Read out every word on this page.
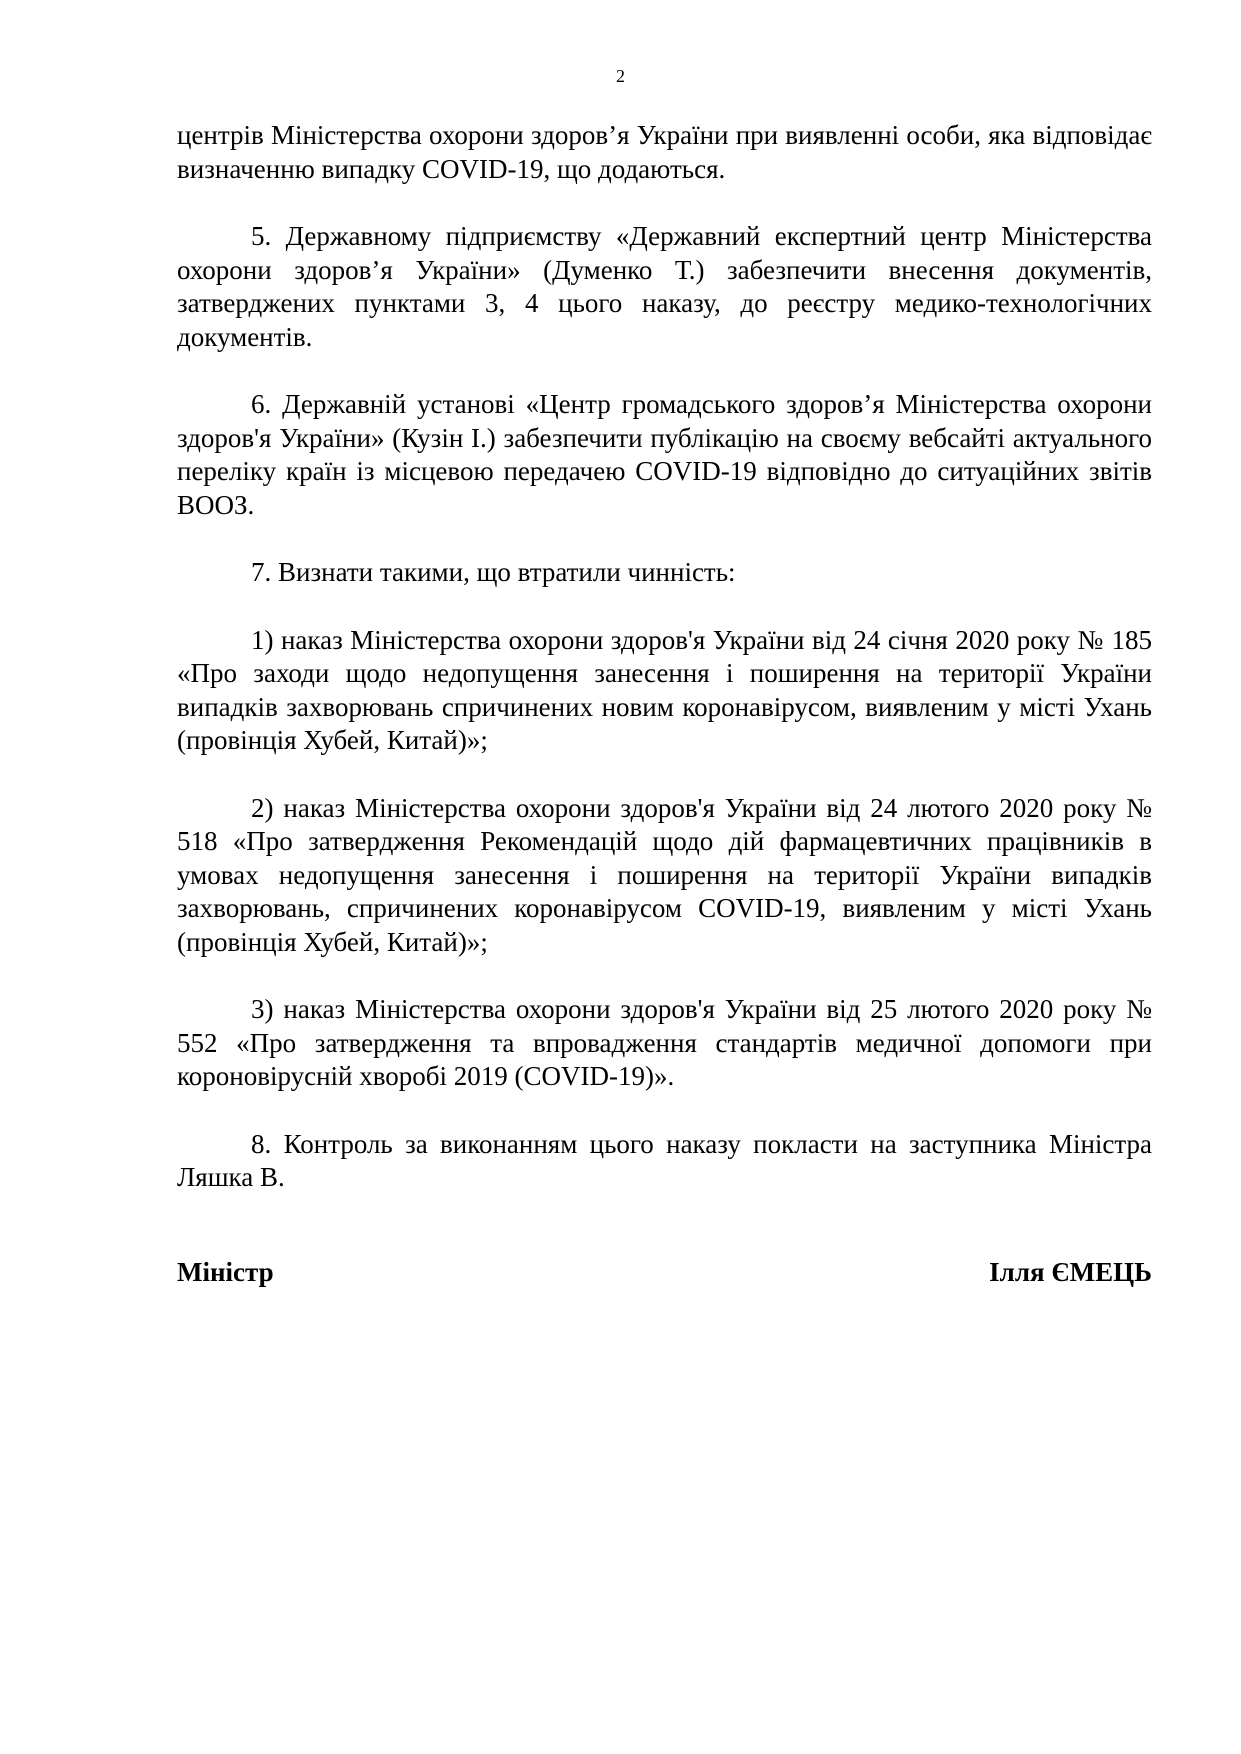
2

центрів Міністерства охорони здоров’я України при виявленні особи, яка відповідає визначенню випадку COVID-19, що додаються.

5. Державному підприємству «Державний експертний центр Міністерства охорони здоров’я України» (Думенко Т.) забезпечити внесення документів, затверджених пунктами 3, 4 цього наказу, до реєстру медико-технологічних документів.

6. Державній установі «Центр громадського здоров’я Міністерства охорони здоров'я України» (Кузін І.) забезпечити публікацію на своєму вебсайті актуального переліку країн із місцевою передачею COVID-19 відповідно до ситуаційних звітів ВООЗ.

7. Визнати такими, що втратили чинність:

1) наказ Міністерства охорони здоров'я України від 24 січня 2020 року № 185 «Про заходи щодо недопущення занесення і поширення на території України випадків захворювань спричинених новим коронавірусом, виявленим у місті Ухань (провінція Хубей, Китай)»;

2) наказ Міністерства охорони здоров'я України від 24 лютого 2020 року № 518 «Про затвердження Рекомендацій щодо дій фармацевтичних працівників в умовах недопущення занесення і поширення на території України випадків захворювань, спричинених коронавірусом COVID-19, виявленим у місті Ухань (провінція Хубей, Китай)»;

3) наказ Міністерства охорони здоров'я України від 25 лютого 2020 року № 552 «Про затвердження та впровадження стандартів медичної допомоги при короновірусній хворобі 2019 (COVID-19)».

8. Контроль за виконанням цього наказу покласти на заступника Міністра Ляшка В.

Міністр	Ілля ЄМЕЦЬ
